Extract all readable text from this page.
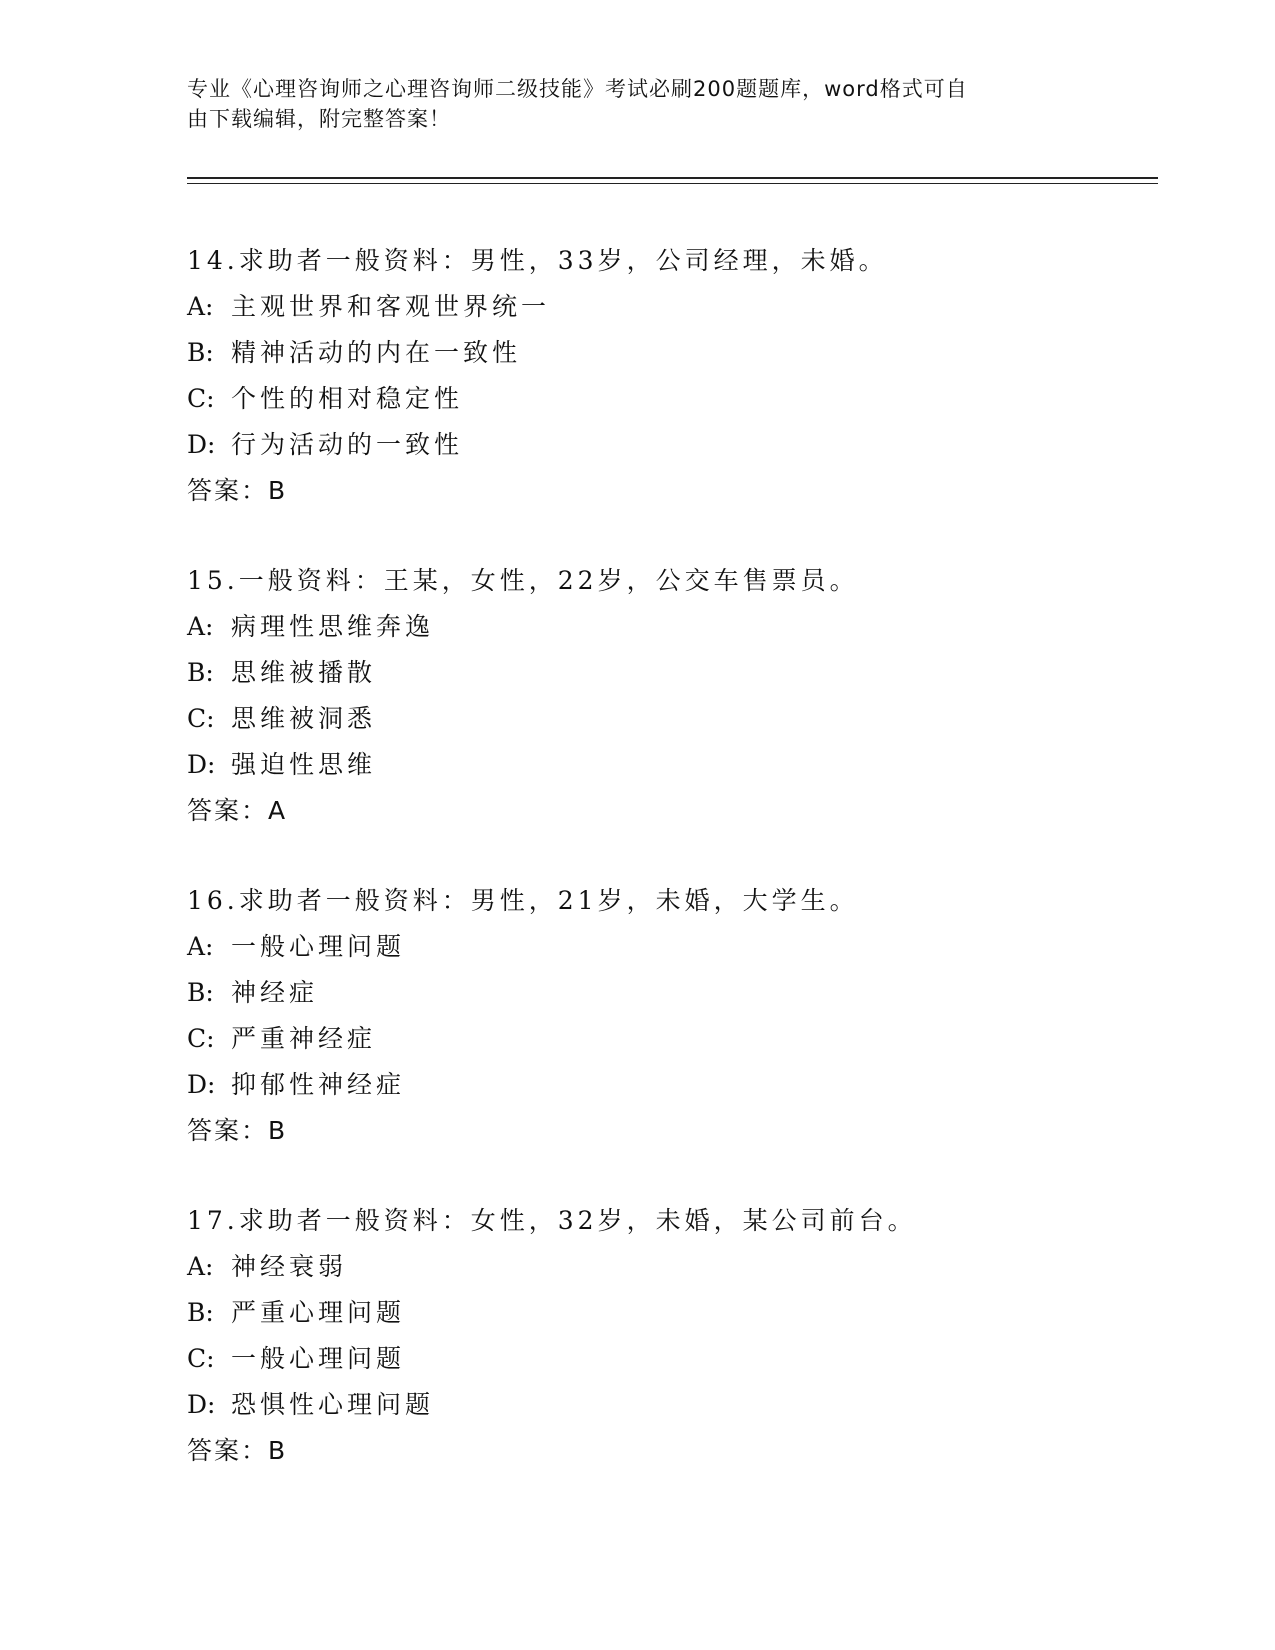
专业《心理咨询师之心理咨询师二级技能》考试必刷200题题库，word格式可自
由下载编辑，附完整答案！
14.求助者一般资料：男性，33岁，公司经理，未婚。
A: 主观世界和客观世界统一
B: 精神活动的内在一致性
C: 个性的相对稳定性
D: 行为活动的一致性
答案：B
15.一般资料：王某，女性，22岁，公交车售票员。
A: 病理性思维奔逸
B: 思维被播散
C: 思维被洞悉
D: 强迫性思维
答案：A
16.求助者一般资料：男性，21岁，未婚，大学生。
A: 一般心理问题
B: 神经症
C: 严重神经症
D: 抑郁性神经症
答案：B
17.求助者一般资料：女性，32岁，未婚，某公司前台。
A: 神经衰弱
B: 严重心理问题
C: 一般心理问题
D: 恐惧性心理问题
答案：B
